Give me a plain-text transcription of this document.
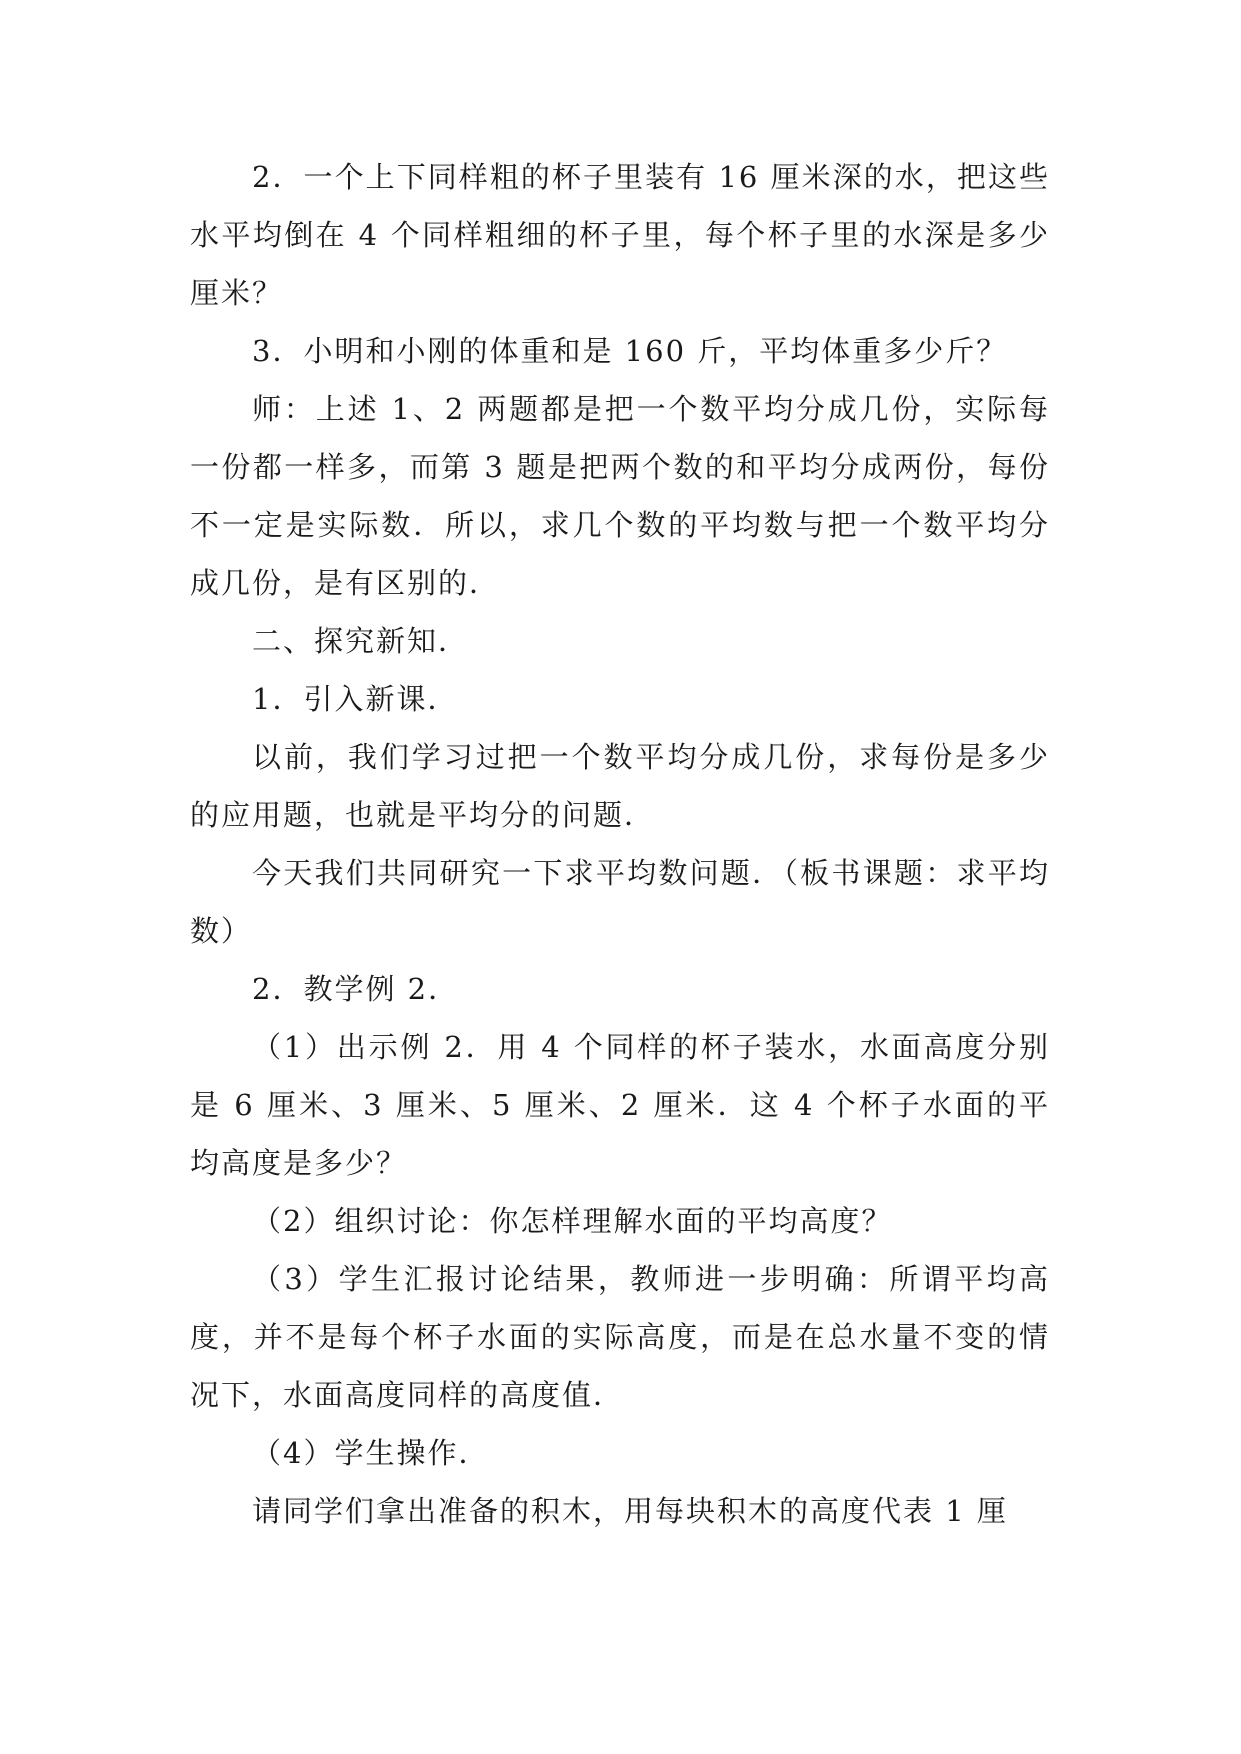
2．一个上下同样粗的杯子里装有 16 厘米深的水，把这些水平均倒在 4 个同样粗细的杯子里，每个杯子里的水深是多少厘米？

3．小明和小刚的体重和是 160 斤，平均体重多少斤？

师：上述 1、2 两题都是把一个数平均分成几份，实际每一份都一样多，而第 3 题是把两个数的和平均分成两份，每份不一定是实际数．所以，求几个数的平均数与把一个数平均分成几份，是有区别的．

二、探究新知．

1．引入新课．

以前，我们学习过把一个数平均分成几份，求每份是多少的应用题，也就是平均分的问题．

今天我们共同研究一下求平均数问题．（板书课题：求平均数）

2．教学例 2．

（1）出示例 2．用 4 个同样的杯子装水，水面高度分别是 6 厘米、3 厘米、5 厘米、2 厘米．这 4 个杯子水面的平均高度是多少？

（2）组织讨论：你怎样理解水面的平均高度？

（3）学生汇报讨论结果，教师进一步明确：所谓平均高度，并不是每个杯子水面的实际高度，而是在总水量不变的情况下，水面高度同样的高度值．

（4）学生操作．

请同学们拿出准备的积木，用每块积木的高度代表 1 厘
